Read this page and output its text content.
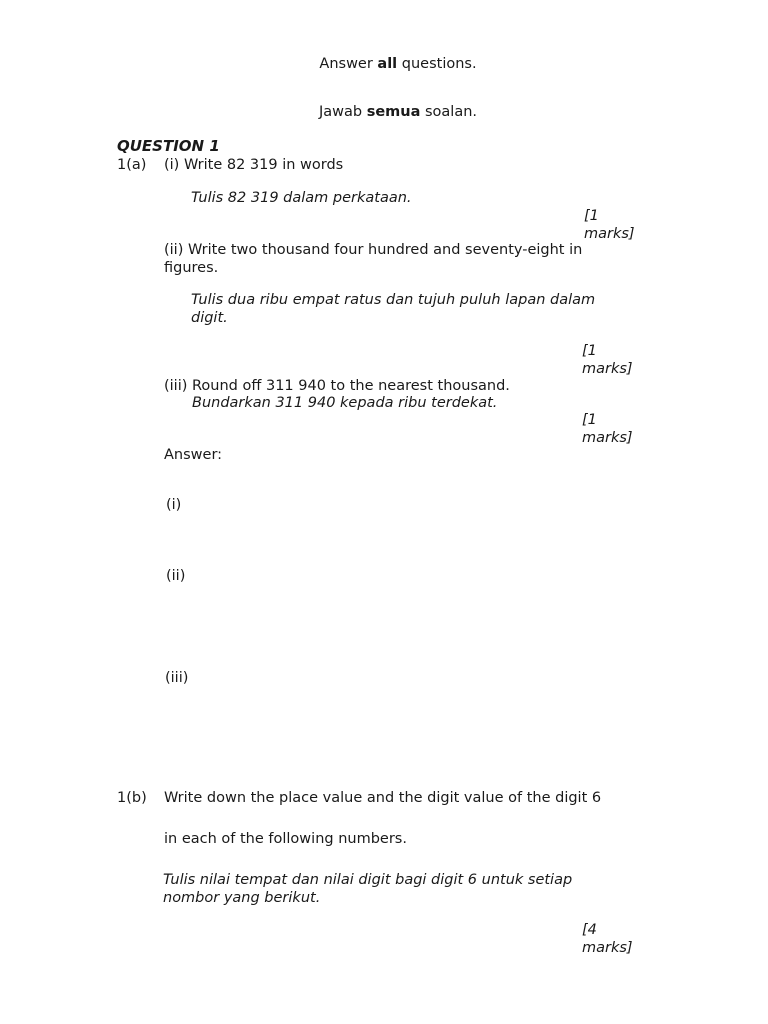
Answer all questions.
Jawab semua soalan.
QUESTION 1
1(a) (i) Write 82 319 in words
Tulis 82 319 dalam perkataan.
[1 marks]
(ii) Write two thousand four hundred and seventy-eight in figures.
Tulis dua ribu empat ratus dan tujuh puluh lapan dalam digit.
[1 marks]
(iii) Round off 311 940 to the nearest thousand.
Bundarkan 311 940 kepada ribu terdekat.
[1 marks]
Answer:
(i)
(ii)
(iii)
1(b) Write down the place value and the digit value of the digit 6
in each of the following numbers.
Tulis nilai tempat dan nilai digit bagi digit 6 untuk setiap nombor yang berikut.
[4 marks]
